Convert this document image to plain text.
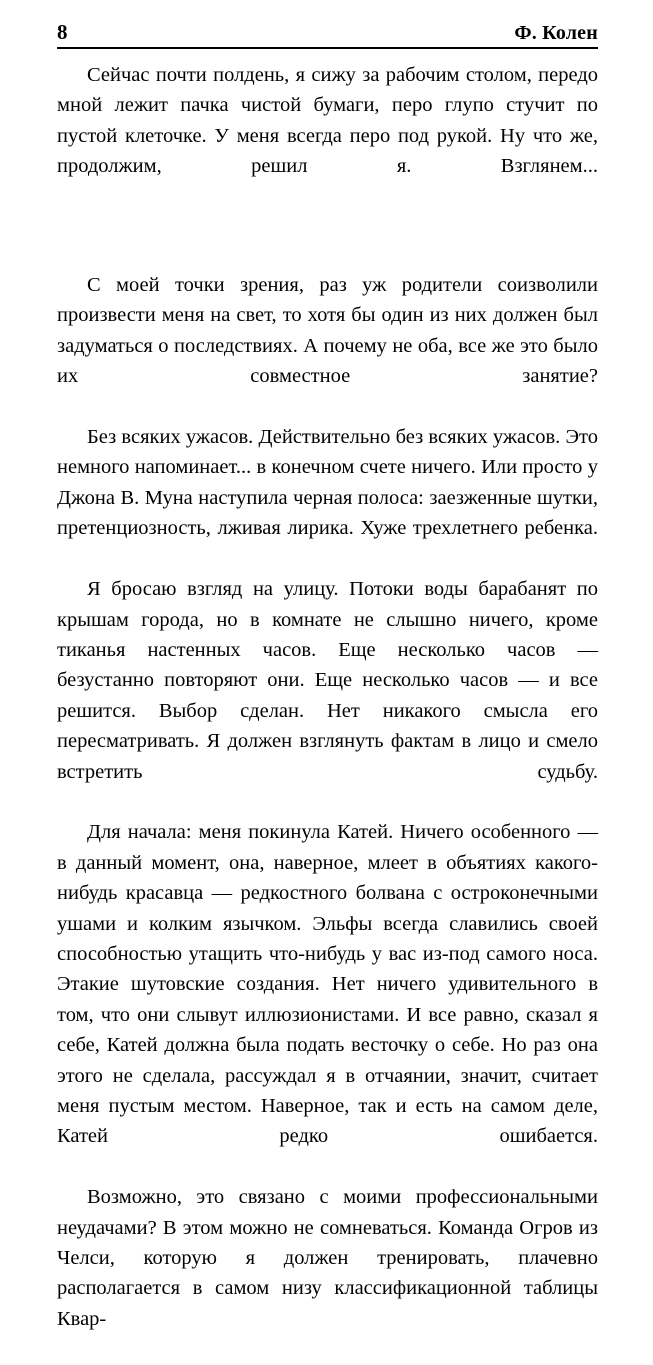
8	Ф. Колен

Сейчас почти полдень, я сижу за рабочим столом, передо мной лежит пачка чистой бумаги, перо глупо стучит по пустой клеточке. У меня всегда перо под рукой. Ну что же, продолжим, решил я. Взглянем...

С моей точки зрения, раз уж родители соизволили произвести меня на свет, то хотя бы один из них должен был задуматься о последствиях. А почему не оба, все же это было их совместное занятие?

Без всяких ужасов. Действительно без всяких ужасов. Это немного напоминает... в конечном счете ничего. Или просто у Джона В. Муна наступила черная полоса: заезженные шутки, претенциозность, лживая лирика. Хуже трехлетнего ребенка.

Я бросаю взгляд на улицу. Потоки воды барабанят по крышам города, но в комнате не слышно ничего, кроме тиканья настенных часов. Еще несколько часов — безустанно повторяют они. Еще несколько часов — и все решится. Выбор сделан. Нет никакого смысла его пересматривать. Я должен взглянуть фактам в лицо и смело встретить судьбу.

Для начала: меня покинула Катей. Ничего особенного — в данный момент, она, наверное, млеет в объятиях какого-нибудь красавца — редкостного болвана с остроконечными ушами и колким язычком. Эльфы всегда славились своей способностью утащить что-нибудь у вас из-под самого носа. Этакие шутовские создания. Нет ничего удивительного в том, что они слывут иллюзионистами. И все равно, сказал я себе, Катей должна была подать весточку о себе. Но раз она этого не сделала, рассуждал я в отчаянии, значит, считает меня пустым местом. Наверное, так и есть на самом деле, Катей редко ошибается.

Возможно, это связано с моими профессиональными неудачами? В этом можно не сомневаться. Команда Огров из Челси, которую я должен тренировать, плачевно располагается в самом низу классификационной таблицы Квар-
